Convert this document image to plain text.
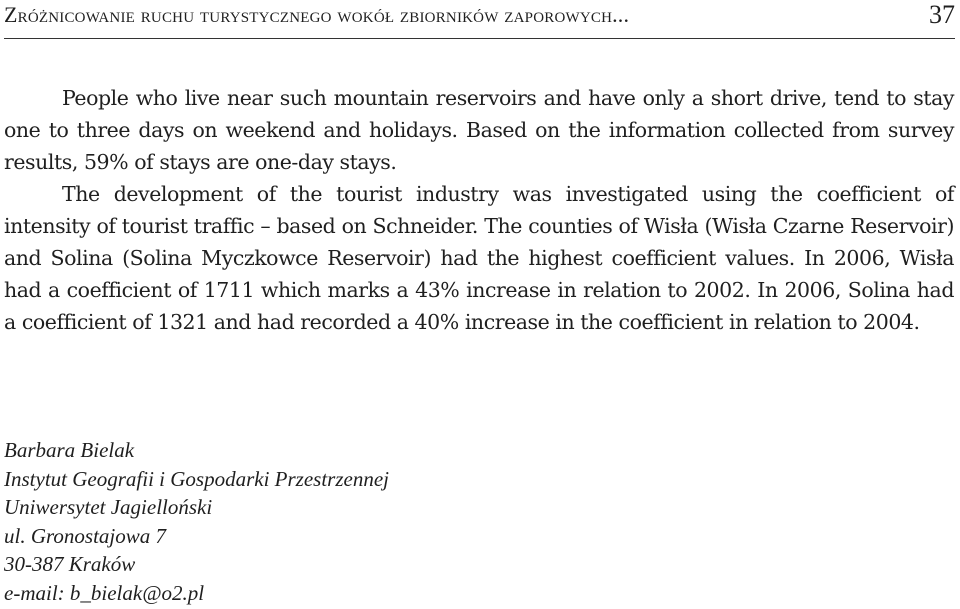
Zróżnicowanie ruchu turystycznego wokół zbiorników zaporowych...	37

People who live near such mountain reservoirs and have only a short drive, tend to stay one to three days on weekend and holidays. Based on the information collected from survey results, 59% of stays are one-day stays.

The development of the tourist industry was investigated using the coefficient of intensity of tourist traffic – based on Schneider. The counties of Wisła (Wisła Czarne Reservoir) and Solina (Solina Myczkowce Reservoir) had the highest coefficient values. In 2006, Wisła had a coefficient of 1711 which marks a 43% increase in relation to 2002. In 2006, Solina had a coefficient of 1321 and had recorded a 40% increase in the coefficient in relation to 2004.

Barbara Bielak
Instytut Geografii i Gospodarki Przestrzennej
Uniwersytet Jagielloński
ul. Gronostajowa 7
30-387 Kraków
e-mail: b_bielak@o2.pl
